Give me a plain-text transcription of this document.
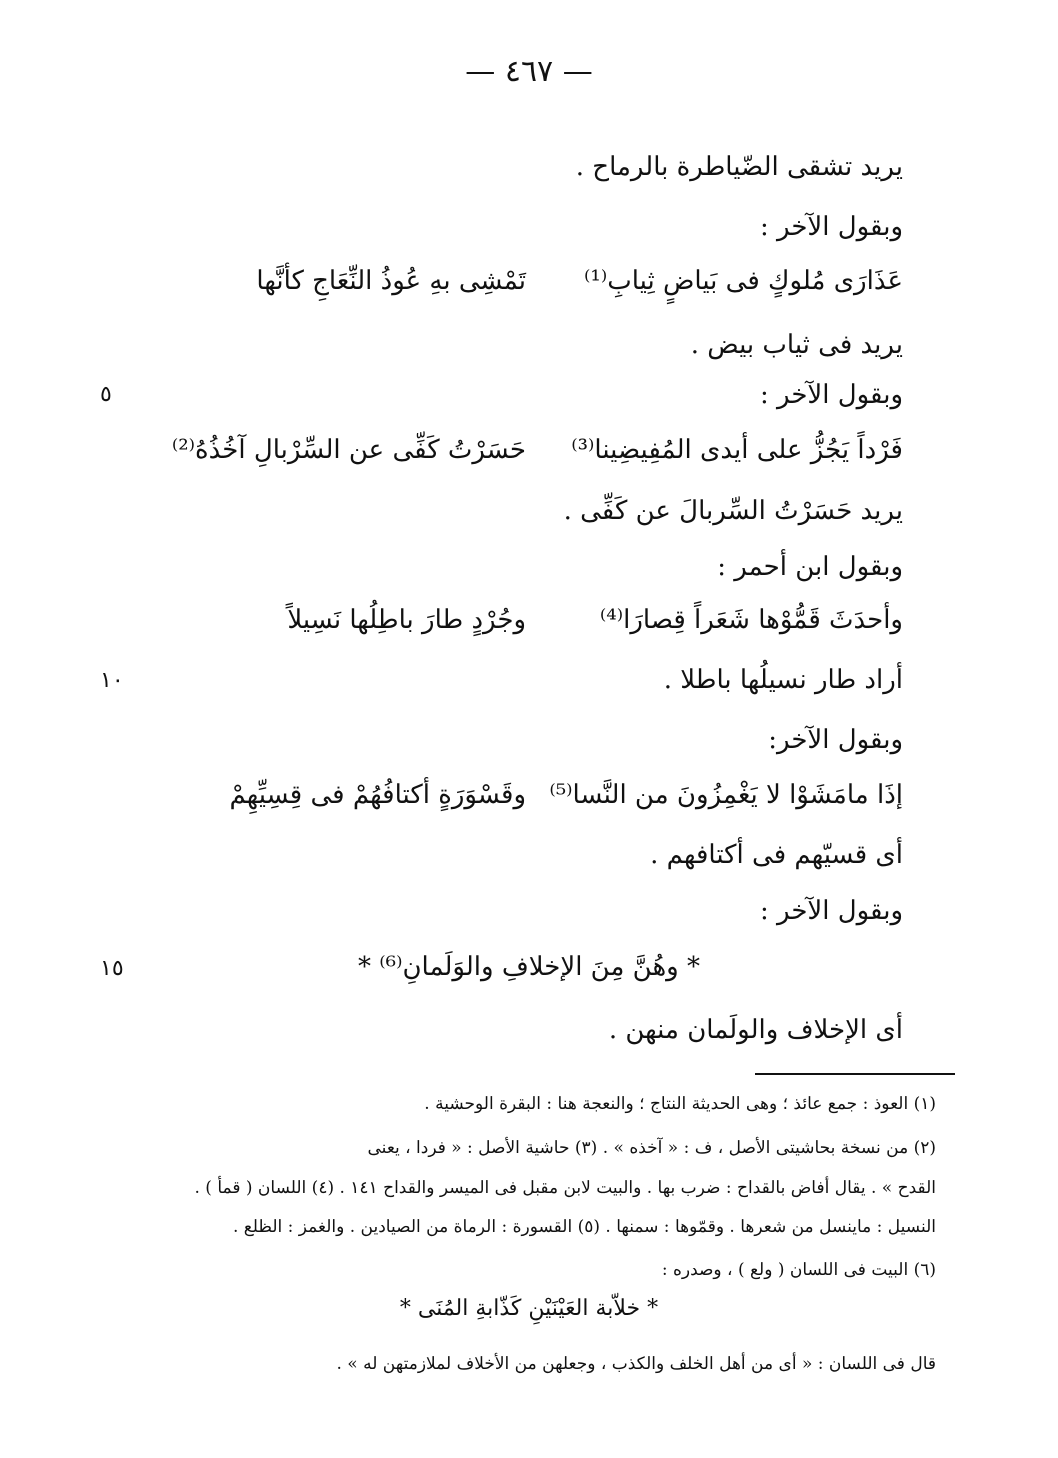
— ٤٦٧ —
يريد تشقى الضّياطرة بالرماح .
وبقول الآخر :
تَمْشِى بهِ عُوذُ النِّعَاجِ كأنَّها عَذَارَى مُلوكٍ فى بَياضٍ ثِيابِ⁽¹⁾
يريد فى ثياب بيض .
وبقول الآخر :
٥
حَسَرْتُ كَفِّى عن السِّرْبالِ آخُذُهُ⁽²⁾ فَرْداً يَجُزُّ على أيدى المُفِيضِينا⁽³⁾
يريد حَسَرْتُ السِّربالَ عن كَفِّى .
وبقول ابن أحمر :
وجُرْدٍ طارَ باطِلُها نَسِيلاً	وأحدَثَ قَمُّوْها شَعَراً قِصارَا⁽⁴⁾
أراد طار نسيلُها باطلا .
١٠
وبقول الآخر:
وقَسْوَرَةٍ أكتافُهُمْ فى قِسِيِّهِمْ إذَا مامَشَوْا لا يَغْمِزُونَ من النَّسا⁽⁵⁾
أى قسيّهم فى أكتافهم .
وبقول الآخر :
* وهُنَّ مِنَ الإخلافِ والوَلَمانِ⁽⁶⁾ *
١٥
أى الإخلاف والولَمان منهن .
(١) العوذ : جمع عائذ ؛ وهى الحديثة النتاج ؛ والنعجة هنا : البقرة الوحشية .
(٢) من نسخة بحاشيتى الأصل ، ف : « آخذه » . (٣) حاشية الأصل : « فردا ، يعنى
القدح » . يقال أفاض بالقداح : ضرب بها . والبيت لابن مقبل فى الميسر والقداح ١٤١ . (٤) اللسان ( قمأ ) .
النسيل : ماينسل من شعرها . وقمّوها : سمنها . (٥) القسورة : الرماة من الصيادين . والغمز : الظلع .
(٦) البيت فى اللسان ( ولع ) ، وصدره :
* خلاّبة العَيْنَيْنِ كَذّابةِ المُنَى *
قال فى اللسان : « أى من أهل الخلف والكذب ، وجعلهن من الأخلاف لملازمتهن له » .
